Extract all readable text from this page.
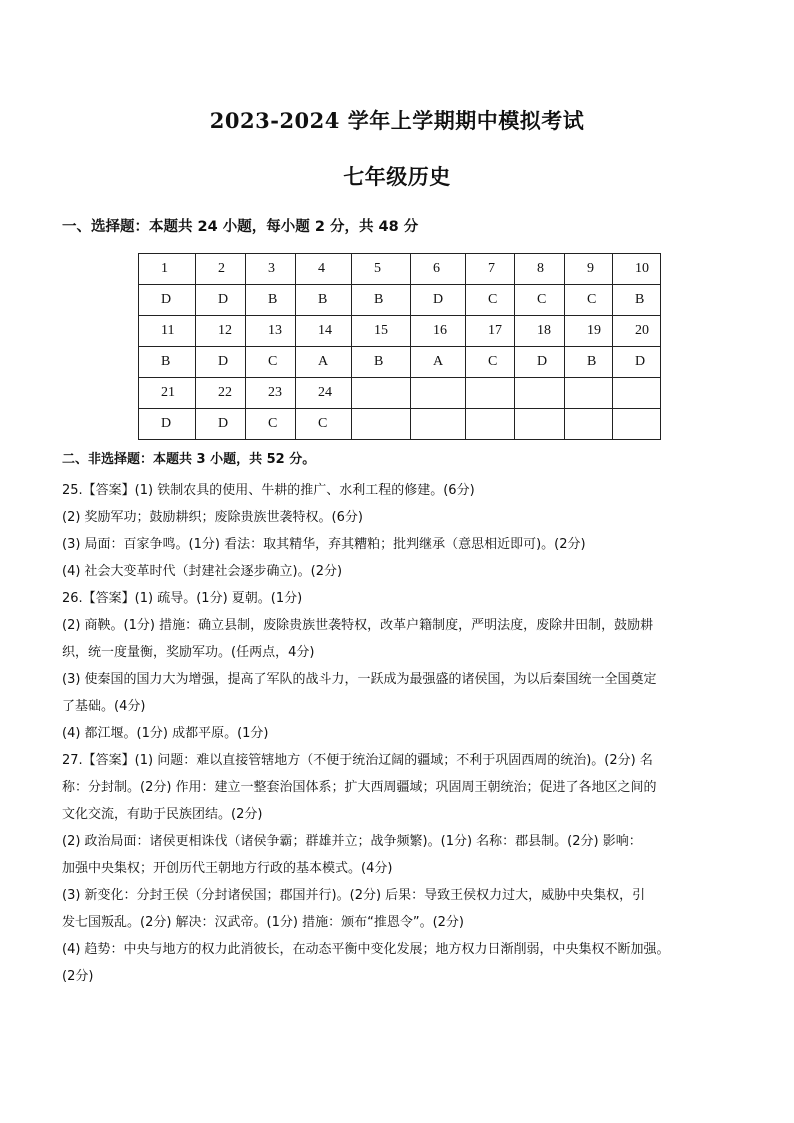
2023-2024 学年上学期期中模拟考试
七年级历史
一、选择题：本题共 24 小题，每小题 2 分，共 48 分
1	2	3	4	5	6	7	8	9	10
D	D	B	B	B	D	C	C	C	B
11	12	13	14	15	16	17	18	19	20
B	D	C	A	B	A	C	D	B	D
21	22	23	24						
D	D	C	C						

二、非选择题：本题共 3 小题，共 52 分。

25.【答案】(1) 铁制农具的使用、牛耕的推广、水利工程的修建。(6分)

(2) 奖励军功；鼓励耕织；废除贵族世袭特权。(6分)

(3) 局面：百家争鸣。(1分) 看法：取其精华，弃其糟粕；批判继承（意思相近即可)。(2分)

(4) 社会大变革时代（封建社会逐步确立)。(2分)

26.【答案】(1) 疏导。(1分) 夏朝。(1分)

(2) 商鞅。(1分) 措施：确立县制，废除贵族世袭特权，改革户籍制度，严明法度，废除井田制，鼓励耕

织，统一度量衡，奖励军功。(任两点，4分)

(3) 使秦国的国力大为增强，提高了军队的战斗力，一跃成为最强盛的诸侯国，为以后秦国统一全国奠定

了基础。(4分)

(4) 都江堰。(1分) 成都平原。(1分)

27.【答案】(1) 问题：难以直接管辖地方（不便于统治辽阔的疆域；不利于巩固西周的统治)。(2分) 名

称：分封制。(2分) 作用：建立一整套治国体系；扩大西周疆域；巩固周王朝统治；促进了各地区之间的

文化交流，有助于民族团结。(2分)

(2) 政治局面：诸侯更相诛伐（诸侯争霸；群雄并立；战争频繁)。(1分) 名称：郡县制。(2分) 影响：

加强中央集权；开创历代王朝地方行政的基本模式。(4分)

(3) 新变化：分封王侯（分封诸侯国；郡国并行)。(2分) 后果：导致王侯权力过大，威胁中央集权，引

发七国叛乱。(2分) 解决：汉武帝。(1分) 措施：颁布“推恩令”。(2分)

(4) 趋势：中央与地方的权力此消彼长，在动态平衡中变化发展；地方权力日渐削弱，中央集权不断加强。

(2分)
